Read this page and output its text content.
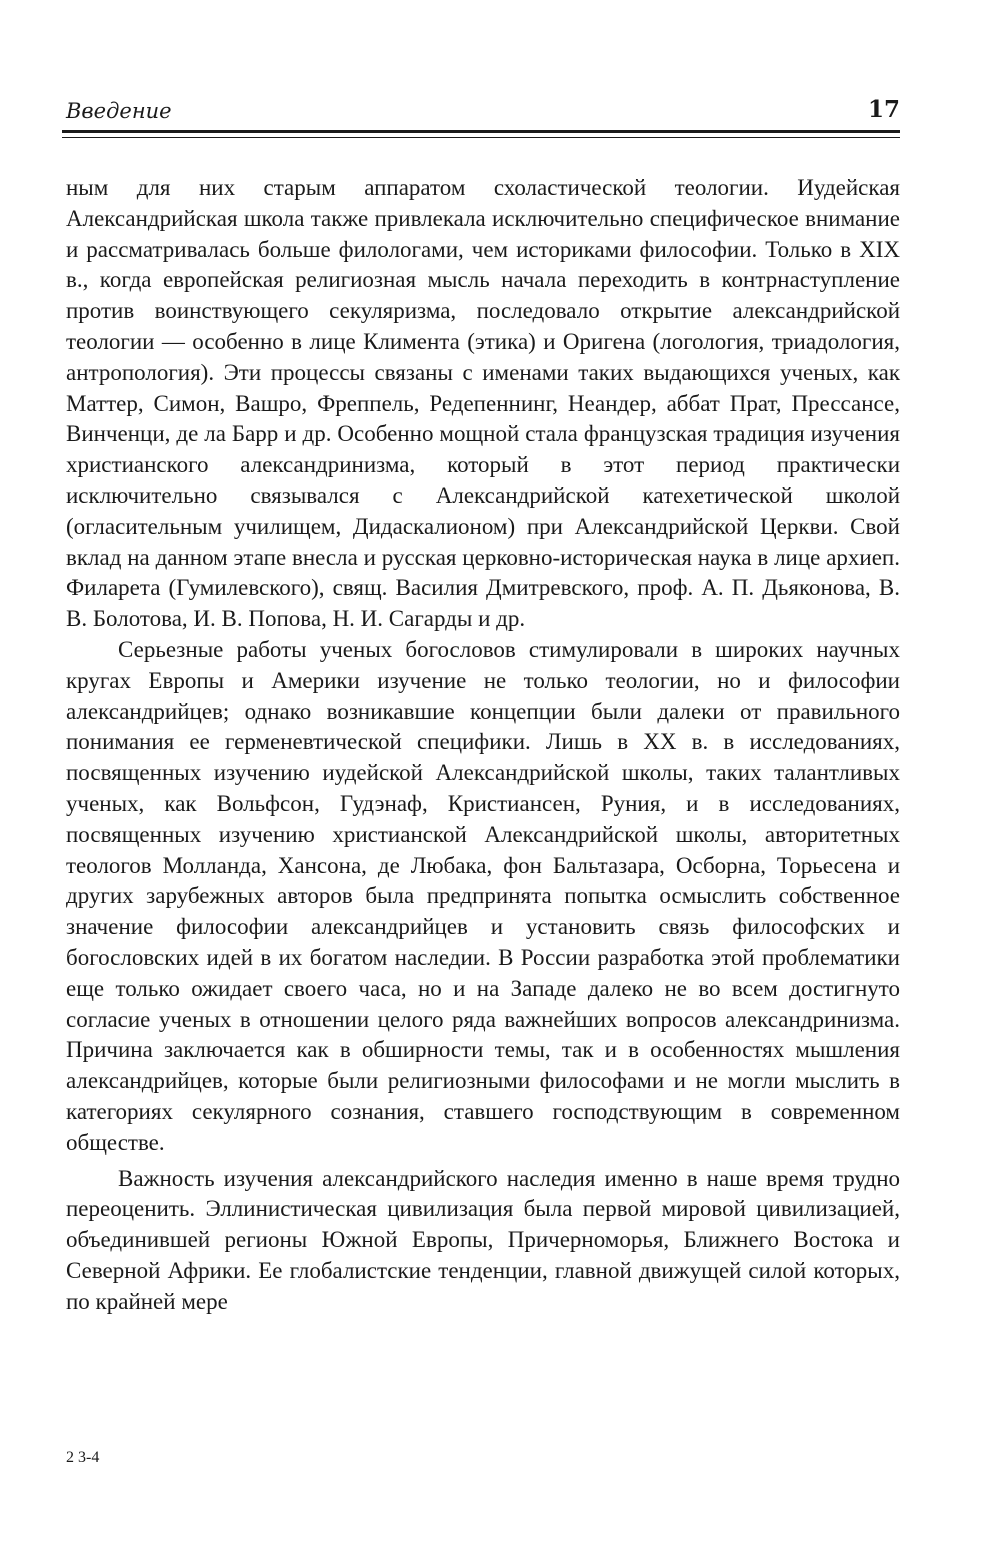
Введение	17

ным для них старым аппаратом схоластической теологии. Иудейская Александрийская школа также привлекала исключительно специфическое внимание и рассматривалась больше филологами, чем историками философии. Только в XIX в., когда европейская религиозная мысль начала переходить в контрнаступление против воинствующего секуляризма, последовало открытие александрийской теологии — особенно в лице Климента (этика) и Оригена (логология, триадология, антропология). Эти процессы связаны с именами таких выдающихся ученых, как Маттер, Симон, Вашро, Фреппель, Редепеннинг, Неандер, аббат Прат, Прессансе, Винченци, де ла Барр и др. Особенно мощной стала французская традиция изучения христианского александринизма, который в этот период практически исключительно связывался с Александрийской катехетической школой (огласительным училищем, Дидаскалионом) при Александрийской Церкви. Свой вклад на данном этапе внесла и русская церковно-историческая наука в лице архиеп. Филарета (Гумилевского), свящ. Василия Дмитревского, проф. А. П. Дьяконова, В. В. Болотова, И. В. Попова, Н. И. Сагарды и др.

Серьезные работы ученых богословов стимулировали в широких научных кругах Европы и Америки изучение не только теологии, но и философии александрийцев; однако возникавшие концепции были далеки от правильного понимания ее герменевтической специфики. Лишь в XX в. в исследованиях, посвященных изучению иудейской Александрийской школы, таких талантливых ученых, как Вольфсон, Гудэнаф, Кристиансен, Руния, и в исследованиях, посвященных изучению христианской Александрийской школы, авторитетных теологов Молланда, Хансона, де Любака, фон Бальтазара, Осборна, Торьесена и других зарубежных авторов была предпринята попытка осмыслить собственное значение философии александрийцев и установить связь философских и богословских идей в их богатом наследии. В России разработка этой проблематики еще только ожидает своего часа, но и на Западе далеко не во всем достигнуто согласие ученых в отношении целого ряда важнейших вопросов александринизма. Причина заключается как в обширности темы, так и в особенностях мышления александрийцев, которые были религиозными философами и не могли мыслить в категориях секулярного сознания, ставшего господствующим в современном обществе.

Важность изучения александрийского наследия именно в наше время трудно переоценить. Эллинистическая цивилизация была первой мировой цивилизацией, объединившей регионы Южной Европы, Причерноморья, Ближнего Востока и Северной Африки. Ее глобалистские тенденции, главной движущей силой которых, по крайней мере

2 3-4
